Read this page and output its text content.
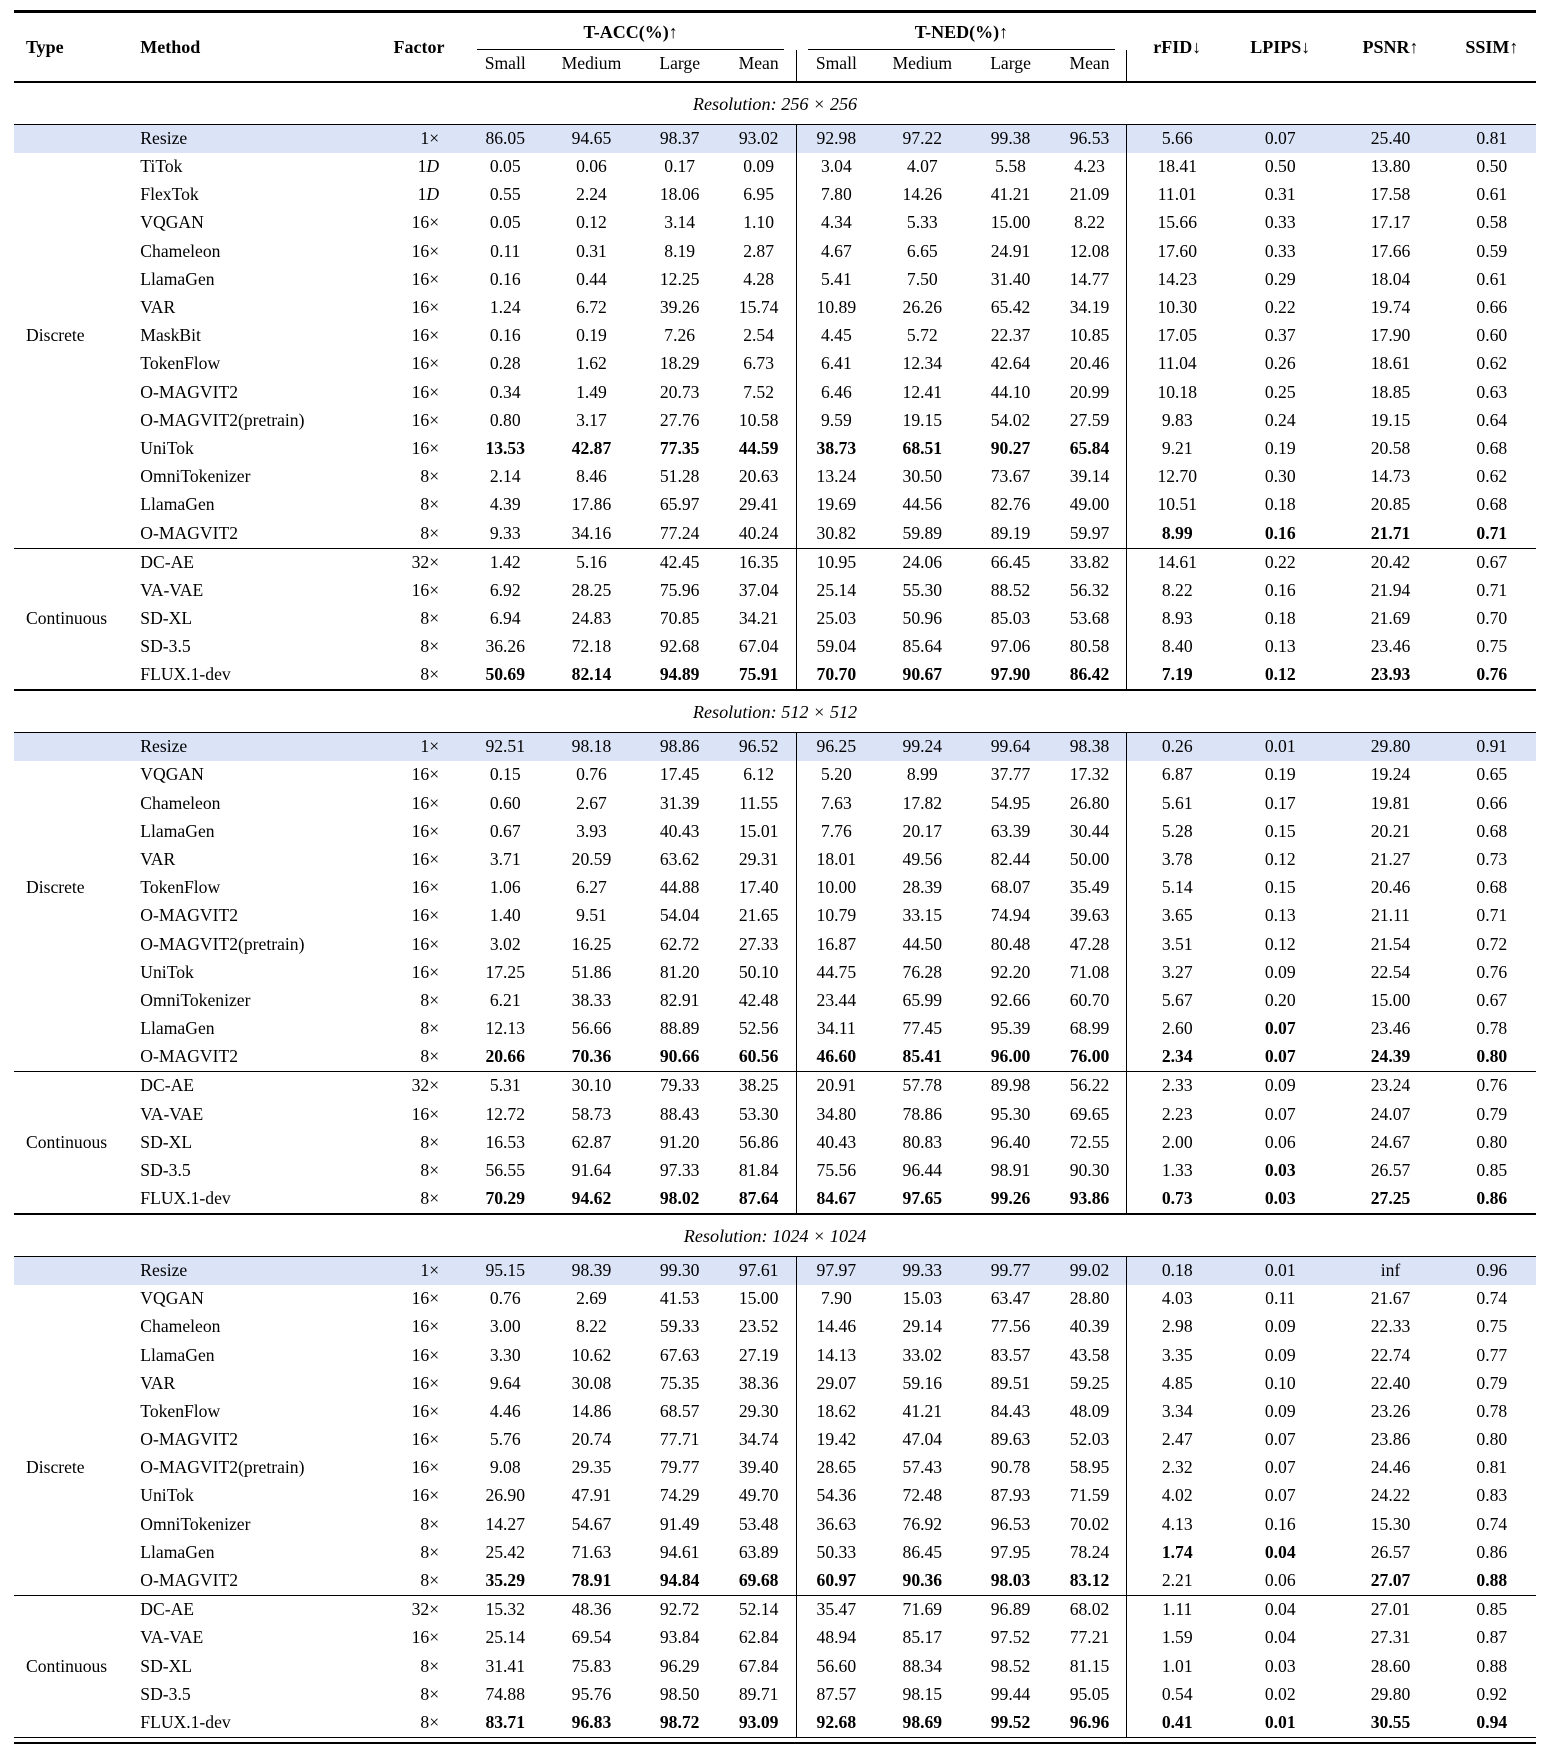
Type	Method	Factor	T-ACC(%)↑				T-NED(%)↑				rFID↓	LPIPS↓	PSNR↑	SSIM↑
			Small	Medium	Large	Mean	Small	Medium	Large	Mean				
Resolution: 256 × 256														
	Resize	1×	86.05	94.65	98.37	93.02	92.98	97.22	99.38	96.53	5.66	0.07	25.40	0.81
	TiTok	1D	0.05	0.06	0.17	0.09	3.04	4.07	5.58	4.23	18.41	0.50	13.80	0.50
	FlexTok	1D	0.55	2.24	18.06	6.95	7.80	14.26	41.21	21.09	11.01	0.31	17.58	0.61
	VQGAN	16×	0.05	0.12	3.14	1.10	4.34	5.33	15.00	8.22	15.66	0.33	17.17	0.58
	Chameleon	16×	0.11	0.31	8.19	2.87	4.67	6.65	24.91	12.08	17.60	0.33	17.66	0.59
	LlamaGen	16×	0.16	0.44	12.25	4.28	5.41	7.50	31.40	14.77	14.23	0.29	18.04	0.61
	VAR	16×	1.24	6.72	39.26	15.74	10.89	26.26	65.42	34.19	10.30	0.22	19.74	0.66
Discrete	MaskBit	16×	0.16	0.19	7.26	2.54	4.45	5.72	22.37	10.85	17.05	0.37	17.90	0.60
	TokenFlow	16×	0.28	1.62	18.29	6.73	6.41	12.34	42.64	20.46	11.04	0.26	18.61	0.62
	O-MAGVIT2	16×	0.34	1.49	20.73	7.52	6.46	12.41	44.10	20.99	10.18	0.25	18.85	0.63
	O-MAGVIT2(pretrain)	16×	0.80	3.17	27.76	10.58	9.59	19.15	54.02	27.59	9.83	0.24	19.15	0.64
	UniTok	16×	13.53	42.87	77.35	44.59	38.73	68.51	90.27	65.84	9.21	0.19	20.58	0.68
	OmniTokenizer	8×	2.14	8.46	51.28	20.63	13.24	30.50	73.67	39.14	12.70	0.30	14.73	0.62
	LlamaGen	8×	4.39	17.86	65.97	29.41	19.69	44.56	82.76	49.00	10.51	0.18	20.85	0.68
	O-MAGVIT2	8×	9.33	34.16	77.24	40.24	30.82	59.89	89.19	59.97	8.99	0.16	21.71	0.71
	DC-AE	32×	1.42	5.16	42.45	16.35	10.95	24.06	66.45	33.82	14.61	0.22	20.42	0.67
	VA-VAE	16×	6.92	28.25	75.96	37.04	25.14	55.30	88.52	56.32	8.22	0.16	21.94	0.71
Continuous	SD-XL	8×	6.94	24.83	70.85	34.21	25.03	50.96	85.03	53.68	8.93	0.18	21.69	0.70
	SD-3.5	8×	36.26	72.18	92.68	67.04	59.04	85.64	97.06	80.58	8.40	0.13	23.46	0.75
	FLUX.1-dev	8×	50.69	82.14	94.89	75.91	70.70	90.67	97.90	86.42	7.19	0.12	23.93	0.76
Resolution: 512 × 512														
	Resize	1×	92.51	98.18	98.86	96.52	96.25	99.24	99.64	98.38	0.26	0.01	29.80	0.91
	VQGAN	16×	0.15	0.76	17.45	6.12	5.20	8.99	37.77	17.32	6.87	0.19	19.24	0.65
	Chameleon	16×	0.60	2.67	31.39	11.55	7.63	17.82	54.95	26.80	5.61	0.17	19.81	0.66
	LlamaGen	16×	0.67	3.93	40.43	15.01	7.76	20.17	63.39	30.44	5.28	0.15	20.21	0.68
	VAR	16×	3.71	20.59	63.62	29.31	18.01	49.56	82.44	50.00	3.78	0.12	21.27	0.73
Discrete	TokenFlow	16×	1.06	6.27	44.88	17.40	10.00	28.39	68.07	35.49	5.14	0.15	20.46	0.68
	O-MAGVIT2	16×	1.40	9.51	54.04	21.65	10.79	33.15	74.94	39.63	3.65	0.13	21.11	0.71
	O-MAGVIT2(pretrain)	16×	3.02	16.25	62.72	27.33	16.87	44.50	80.48	47.28	3.51	0.12	21.54	0.72
	UniTok	16×	17.25	51.86	81.20	50.10	44.75	76.28	92.20	71.08	3.27	0.09	22.54	0.76
	OmniTokenizer	8×	6.21	38.33	82.91	42.48	23.44	65.99	92.66	60.70	5.67	0.20	15.00	0.67
	LlamaGen	8×	12.13	56.66	88.89	52.56	34.11	77.45	95.39	68.99	2.60	0.07	23.46	0.78
	O-MAGVIT2	8×	20.66	70.36	90.66	60.56	46.60	85.41	96.00	76.00	2.34	0.07	24.39	0.80
	DC-AE	32×	5.31	30.10	79.33	38.25	20.91	57.78	89.98	56.22	2.33	0.09	23.24	0.76
	VA-VAE	16×	12.72	58.73	88.43	53.30	34.80	78.86	95.30	69.65	2.23	0.07	24.07	0.79
Continuous	SD-XL	8×	16.53	62.87	91.20	56.86	40.43	80.83	96.40	72.55	2.00	0.06	24.67	0.80
	SD-3.5	8×	56.55	91.64	97.33	81.84	75.56	96.44	98.91	90.30	1.33	0.03	26.57	0.85
	FLUX.1-dev	8×	70.29	94.62	98.02	87.64	84.67	97.65	99.26	93.86	0.73	0.03	27.25	0.86
Resolution: 1024 × 1024														
	Resize	1×	95.15	98.39	99.30	97.61	97.97	99.33	99.77	99.02	0.18	0.01	inf	0.96
	VQGAN	16×	0.76	2.69	41.53	15.00	7.90	15.03	63.47	28.80	4.03	0.11	21.67	0.74
	Chameleon	16×	3.00	8.22	59.33	23.52	14.46	29.14	77.56	40.39	2.98	0.09	22.33	0.75
	LlamaGen	16×	3.30	10.62	67.63	27.19	14.13	33.02	83.57	43.58	3.35	0.09	22.74	0.77
	VAR	16×	9.64	30.08	75.35	38.36	29.07	59.16	89.51	59.25	4.85	0.10	22.40	0.79
	TokenFlow	16×	4.46	14.86	68.57	29.30	18.62	41.21	84.43	48.09	3.34	0.09	23.26	0.78
	O-MAGVIT2	16×	5.76	20.74	77.71	34.74	19.42	47.04	89.63	52.03	2.47	0.07	23.86	0.80
Discrete	O-MAGVIT2(pretrain)	16×	9.08	29.35	79.77	39.40	28.65	57.43	90.78	58.95	2.32	0.07	24.46	0.81
	UniTok	16×	26.90	47.91	74.29	49.70	54.36	72.48	87.93	71.59	4.02	0.07	24.22	0.83
	OmniTokenizer	8×	14.27	54.67	91.49	53.48	36.63	76.92	96.53	70.02	4.13	0.16	15.30	0.74
	LlamaGen	8×	25.42	71.63	94.61	63.89	50.33	86.45	97.95	78.24	1.74	0.04	26.57	0.86
	O-MAGVIT2	8×	35.29	78.91	94.84	69.68	60.97	90.36	98.03	83.12	2.21	0.06	27.07	0.88
	DC-AE	32×	15.32	48.36	92.72	52.14	35.47	71.69	96.89	68.02	1.11	0.04	27.01	0.85
	VA-VAE	16×	25.14	69.54	93.84	62.84	48.94	85.17	97.52	77.21	1.59	0.04	27.31	0.87
Continuous	SD-XL	8×	31.41	75.83	96.29	67.84	56.60	88.34	98.52	81.15	1.01	0.03	28.60	0.88
	SD-3.5	8×	74.88	95.76	98.50	89.71	87.57	98.15	99.44	95.05	0.54	0.02	29.80	0.92
	FLUX.1-dev	8×	83.71	96.83	98.72	93.09	92.68	98.69	99.52	96.96	0.41	0.01	30.55	0.94
